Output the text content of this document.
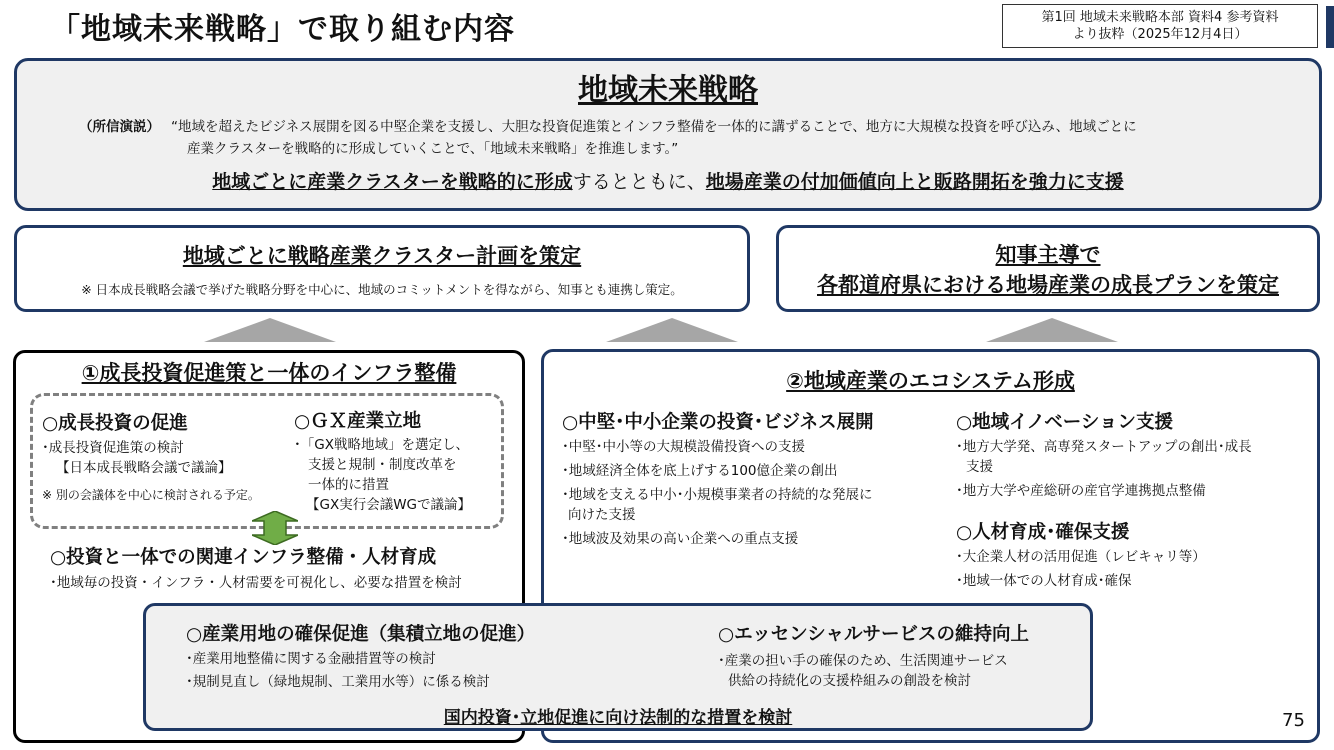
「地域未来戦略」で取り組む内容	第1回 地域未来戦略本部 資料4 参考資料
より抜粋（2025年12月4日）
地域未来戦略
（所信演説） “地域を超えたビジネス展開を図る中堅企業を支援し、大胆な投資促進策とインフラ整備を一体的に講ずることで、地方に大規模な投資を呼び込み、地域ごとに
産業クラスターを戦略的に形成していくことで、「地域未来戦略」を推進します。”
地域ごとに産業クラスターを戦略的に形成するとともに、地場産業の付加価値向上と販路開拓を強力に支援
地域ごとに戦略産業クラスター計画を策定
※ 日本成長戦略会議で挙げた戦略分野を中心に、地域のコミットメントを得ながら、知事とも連携し策定。
知事主導で
各都道府県における地場産業の成長プランを策定
①成長投資促進策と一体のインフラ整備
○成長投資の促進
･成長投資促進策の検討
【日本成長戦略会議で議論】
※ 別の会議体を中心に検討される予定。
○ＧＸ産業立地
･「GX戦略地域」を選定し、
支援と規制・制度改革を
一体的に措置
【GX実行会議WGで議論】
○投資と一体での関連インフラ整備・人材育成
･地域毎の投資・インフラ・人材需要を可視化し、必要な措置を検討
②地域産業のエコシステム形成
○中堅･中小企業の投資･ビジネス展開
･中堅･中小等の大規模設備投資への支援
･地域経済全体を底上げする100億企業の創出
･地域を支える中小･小規模事業者の持続的な発展に
向けた支援
･地域波及効果の高い企業への重点支援
○地域イノベーション支援
･地方大学発、高専発スタートアップの創出･成長
支援
･地方大学や産総研の産官学連携拠点整備
○人材育成･確保支援
･大企業人材の活用促進（レビキャリ等）
･地域一体での人材育成･確保
○産業用地の確保促進（集積立地の促進）
･産業用地整備に関する金融措置等の検討
･規制見直し（緑地規制、工業用水等）に係る検討
○エッセンシャルサービスの維持向上
･産業の担い手の確保のため、生活関連サービス
供給の持続化の支援枠組みの創設を検討
国内投資･立地促進に向け法制的な措置を検討	75
